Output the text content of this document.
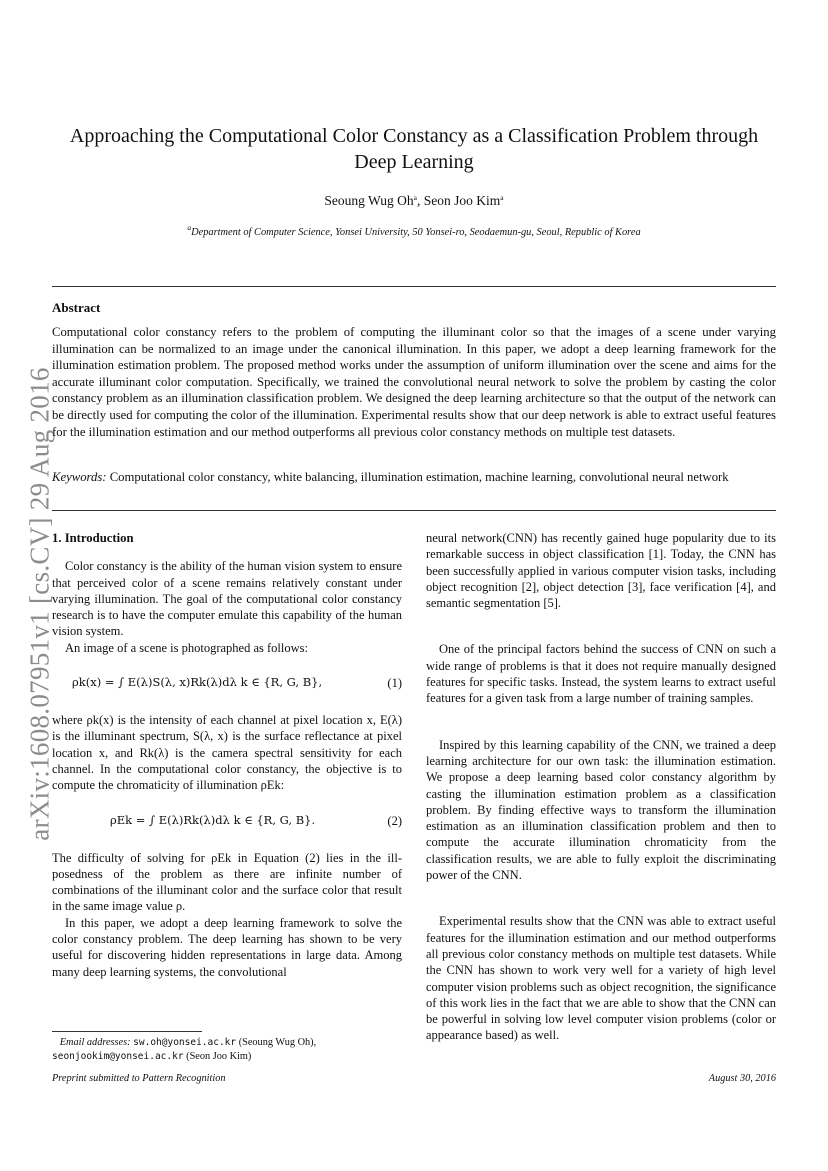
arXiv:1608.07951v1 [cs.CV] 29 Aug 2016
Approaching the Computational Color Constancy as a Classification Problem through Deep Learning
Seoung Wug Oh$^a$, Seon Joo Kim$^a$
$^a$Department of Computer Science, Yonsei University, 50 Yonsei-ro, Seodaemun-gu, Seoul, Republic of Korea
Abstract
Computational color constancy refers to the problem of computing the illuminant color so that the images of a scene under varying illumination can be normalized to an image under the canonical illumination. In this paper, we adopt a deep learning framework for the illumination estimation problem. The proposed method works under the assumption of uniform illumination over the scene and aims for the accurate illuminant color computation. Specifically, we trained the convolutional neural network to solve the problem by casting the color constancy problem as an illumination classification problem. We designed the deep learning architecture so that the output of the network can be directly used for computing the color of the illumination. Experimental results show that our deep network is able to extract useful features for the illumination estimation and our method outperforms all previous color constancy methods on multiple test datasets.
Keywords: Computational color constancy, white balancing, illumination estimation, machine learning, convolutional neural network
1. Introduction

Color constancy is the ability of the human vision system to ensure that perceived color of a scene remains relatively constant under varying illumination. The goal of the computational color constancy research is to have the computer emulate this capability of the human vision system.

An image of a scene is photographed as follows:

ρk(x) = ∫ E(λ)S(λ, x)Rk(λ)dλ k ∈ {R, G, B},	(1)

where ρk(x) is the intensity of each channel at pixel location x, E(λ) is the illuminant spectrum, S(λ, x) is the surface reflectance at pixel location x, and Rk(λ) is the camera spectral sensitivity for each channel. In the computational color constancy, the objective is to compute the chromaticity of illumination ρEk:

ρEk = ∫ E(λ)Rk(λ)dλ k ∈ {R, G, B}.	(2)

The difficulty of solving for ρEk in Equation (2) lies in the ill-posedness of the problem as there are infinite number of combinations of the illuminant color and the surface color that result in the same image value ρ.

In this paper, we adopt a deep learning framework to solve the color constancy problem. The deep learning has shown to be very useful for discovering hidden representations in large data. Among many deep learning systems, the convolutional

neural network(CNN) has recently gained huge popularity due to its remarkable success in object classification [1]. Today, the CNN has been successfully applied in various computer vision tasks, including object recognition [2], object detection [3], face verification [4], and semantic segmentation [5].

One of the principal factors behind the success of CNN on such a wide range of problems is that it does not require manually designed features for specific tasks. Instead, the system learns to extract useful features for a given task from a large number of training samples.

Inspired by this learning capability of the CNN, we trained a deep learning architecture for our own task: the illumination estimation. We propose a deep learning based color constancy algorithm by casting the illumination estimation problem as a classification problem. By finding effective ways to transform the illumination estimation as an illumination classification problem and then to compute the accurate illumination chromaticity from the classification results, we are able to fully exploit the discriminating power of the CNN.

Experimental results show that the CNN was able to extract useful features for the illumination estimation and our method outperforms all previous color constancy methods on multiple test datasets. While the CNN has shown to work very well for a variety of high level computer vision problems such as object recognition, the significance of this work lies in the fact that we are able to show that the CNN can be powerful in solving low level computer vision problems (color or appearance based) as well.

Email addresses: sw.oh@yonsei.ac.kr (Seoung Wug Oh),
seonjookim@yonsei.ac.kr (Seon Joo Kim)
Preprint submitted to Pattern Recognition	August 30, 2016
